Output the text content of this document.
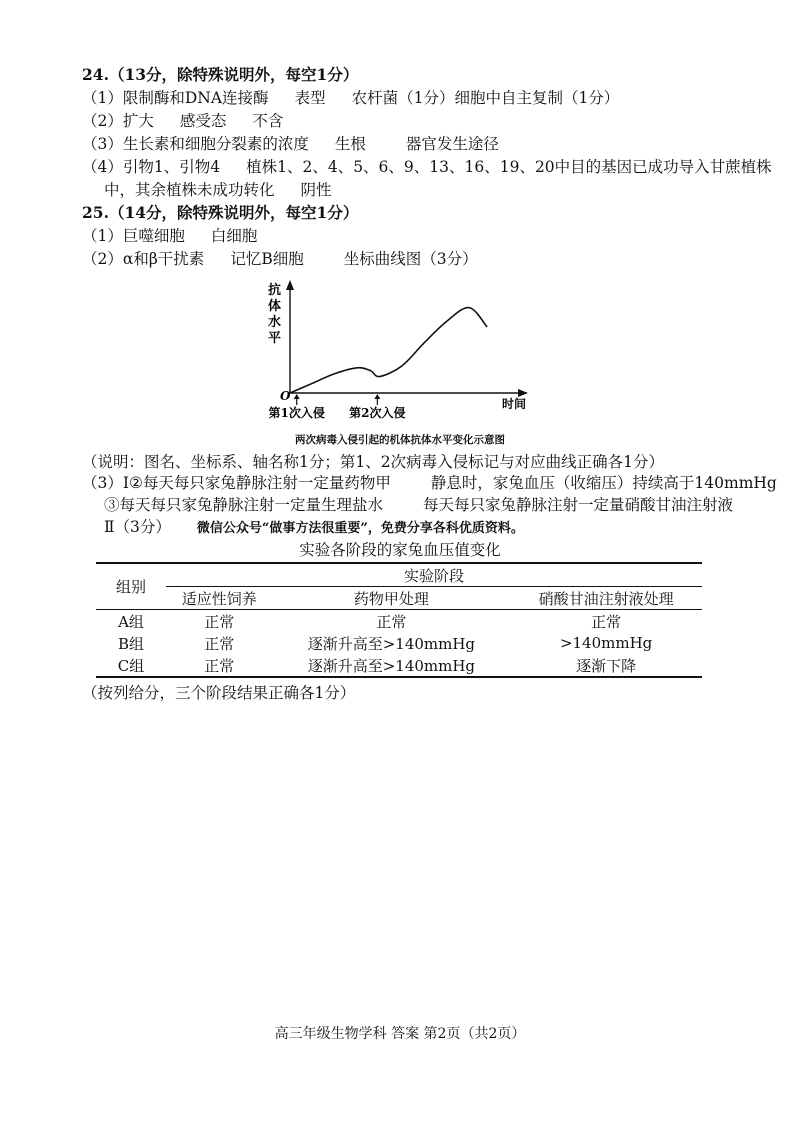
24.（13分，除特殊说明外，每空1分）
（1）限制酶和DNA连接酶 表型 农杆菌（1分）细胞中自主复制（1分）
（2）扩大 感受态 不含
（3）生长素和细胞分裂素的浓度 生根	器官发生途径
（4）引物1、引物4 植株1、2、4、5、6、9、13、16、19、20中目的基因已成功导入甘蔗植株
中，其余植株未成功转化 阴性
25.（14分，除特殊说明外，每空1分）
（1）巨噬细胞 白细胞
（2）α和β干扰素 记忆B细胞	坐标曲线图（3分）
抗
体
水
平
O
时间
第1次入侵 第2次入侵
两次病毒入侵引起的机体抗体水平变化示意图
（说明：图名、坐标系、轴名称1分；第1、2次病毒入侵标记与对应曲线正确各1分）
（3）Ⅰ②每天每只家兔静脉注射一定量药物甲	静息时，家兔血压（收缩压）持续高于140mmHg
③每天每只家兔静脉注射一定量生理盐水	每天每只家兔静脉注射一定量硝酸甘油注射液
Ⅱ（3分） 微信公众号“做事方法很重要”，免费分享各科优质资料。
实验各阶段的家兔血压值变化
组别	实验阶段		
	适应性饲养	药物甲处理	硝酸甘油注射液处理
A组	正常	正常	正常
B组	正常	逐渐升高至>140mmHg	>140mmHg
C组	正常	逐渐升高至>140mmHg	逐渐下降
（按列给分，三个阶段结果正确各1分）
高三年级生物学科 答案 第2页（共2页）
